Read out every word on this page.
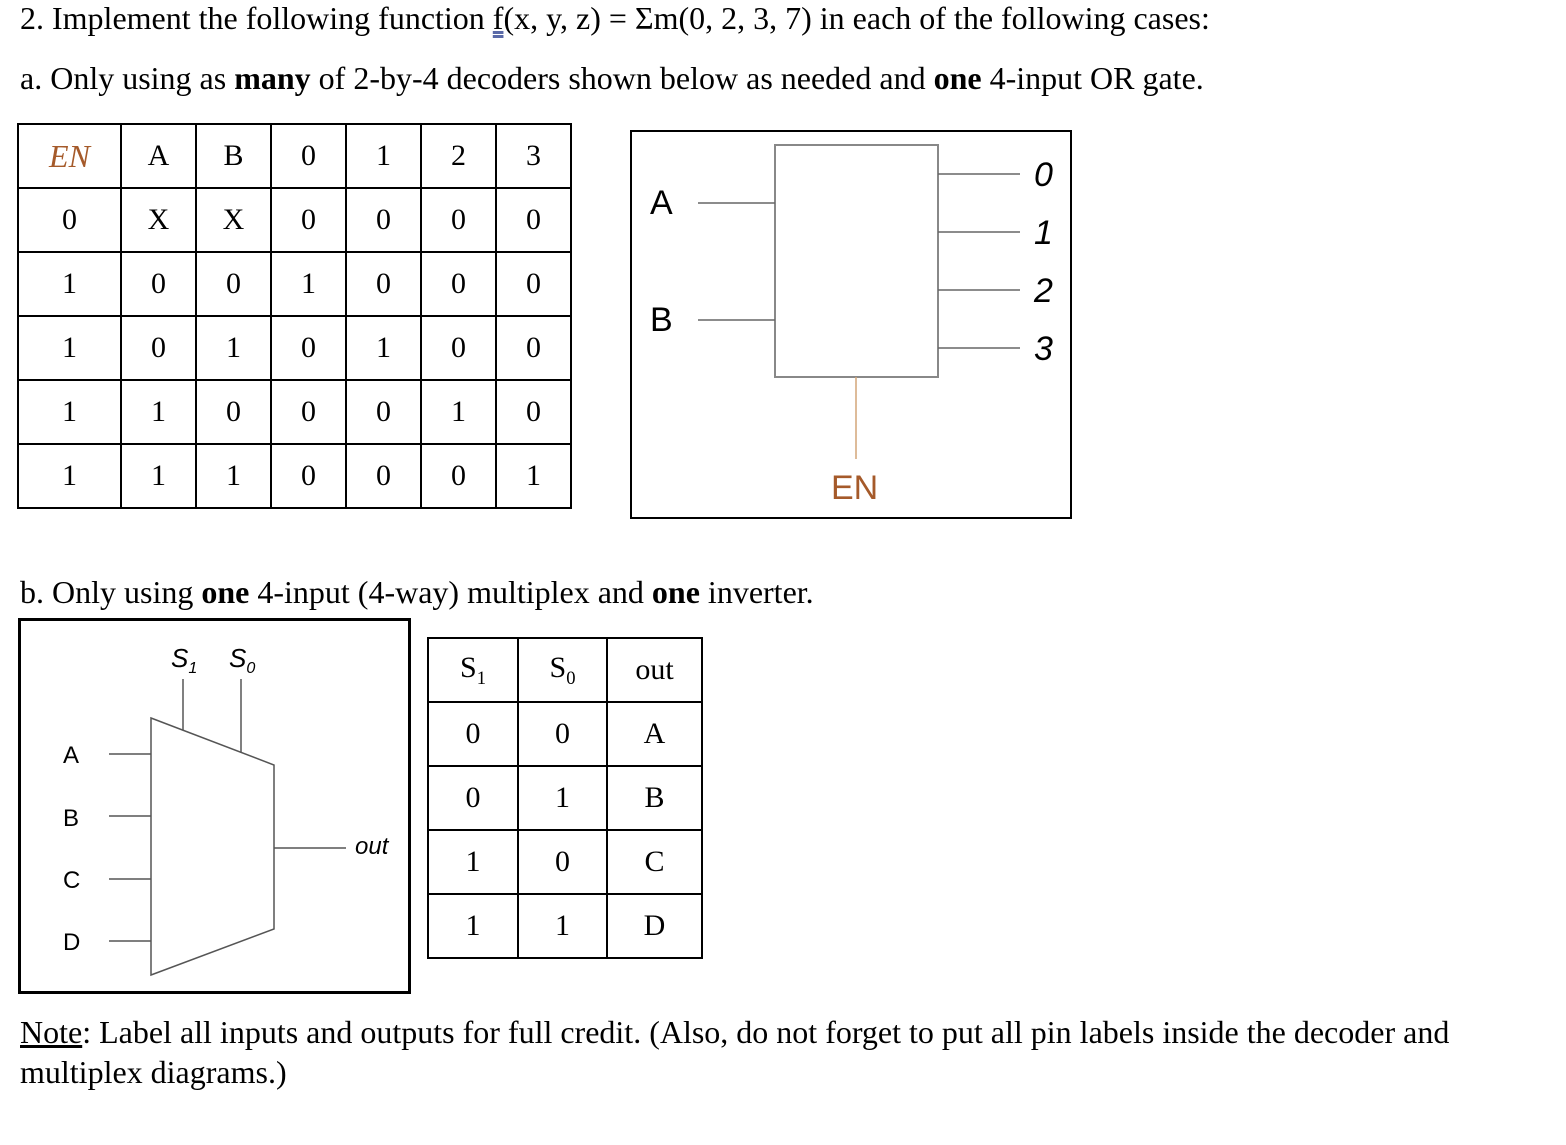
2. Implement the following function f(x, y, z) = Σm(0, 2, 3, 7) in each of the following cases:
a. Only using as many of 2-by-4 decoders shown below as needed and one 4-input OR gate.
EN	A	B	0	1	2	3
0	X	X	0	0	0	0
1	0	0	1	0	0	0
1	0	1	0	1	0	0
1	1	0	0	0	1	0
1	1	1	0	0	0	1
A
B
0
1
2
3
EN
b. Only using one 4-input (4-way) multiplex and one inverter.
$S_1$ $S_0$
A
B
C
D
out
$S_1$	$S_0$	out
0	0	A
0	1	B
1	0	C
1	1	D
Note: Label all inputs and outputs for full credit. (Also, do not forget to put all pin labels inside the decoder and multiplex diagrams.)
